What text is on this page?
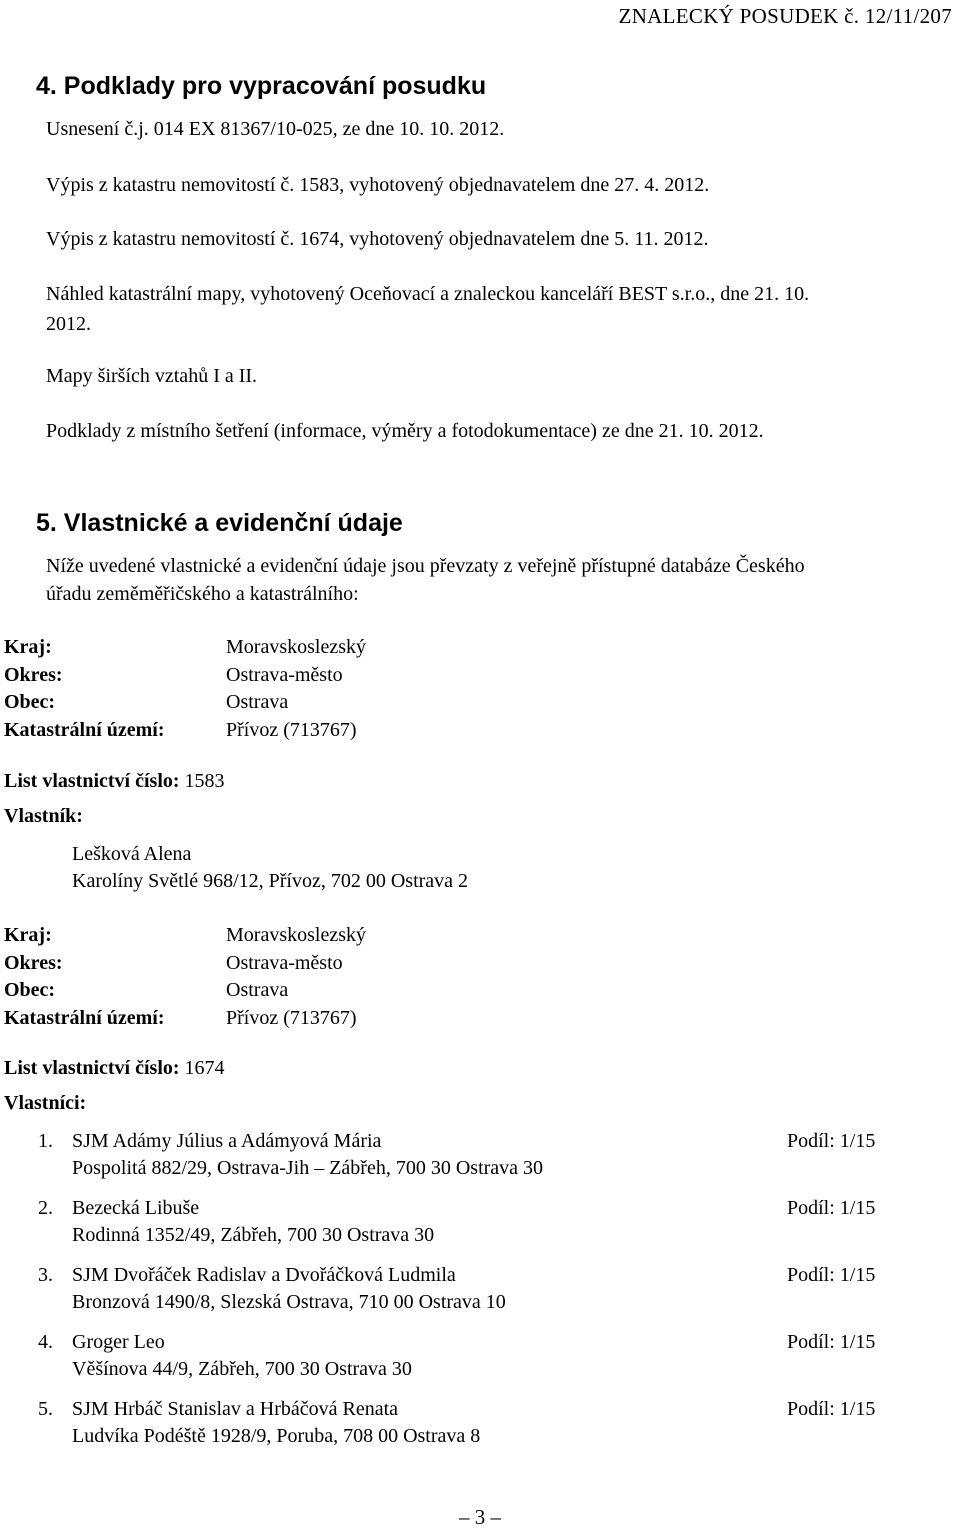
ZNALECKÝ POSUDEK č. 12/11/207
4. Podklady pro vypracování posudku
Usnesení č.j. 014 EX 81367/10-025, ze dne 10. 10. 2012.
Výpis z katastru nemovitostí č. 1583, vyhotovený objednavatelem dne 27. 4. 2012.
Výpis z katastru nemovitostí č. 1674, vyhotovený objednavatelem dne 5. 11. 2012.
Náhled katastrální mapy, vyhotovený Oceňovací a znaleckou kanceláří BEST s.r.o., dne 21. 10.
2012.
Mapy širších vztahů I a II.
Podklady z místního šetření (informace, výměry a fotodokumentace) ze dne 21. 10. 2012.
5. Vlastnické a evidenční údaje
Níže uvedené vlastnické a evidenční údaje jsou převzaty z veřejně přístupné databáze Českého
úřadu zeměměřičského a katastrálního:
Kraj:	Moravskoslezský
Okres:	Ostrava-město
Obec:	Ostrava
Katastrální území:	Přívoz (713767)
List vlastnictví číslo: 1583
Vlastník:
Lešková Alena
Karolíny Světlé 968/12, Přívoz, 702 00 Ostrava 2
Kraj:	Moravskoslezský
Okres:	Ostrava-město
Obec:	Ostrava
Katastrální území:	Přívoz (713767)
List vlastnictví číslo: 1674
Vlastníci:
1. SJM Adámy Július a Adámyová Mária	Podíl: 1/15
Pospolitá 882/29, Ostrava-Jih – Zábřeh, 700 30 Ostrava 30
2. Bezecká Libuše	Podíl: 1/15
Rodinná 1352/49, Zábřeh, 700 30 Ostrava 30
3. SJM Dvořáček Radislav a Dvořáčková Ludmila	Podíl: 1/15
Bronzová 1490/8, Slezská Ostrava, 710 00 Ostrava 10
4. Groger Leo	Podíl: 1/15
Věšínova 44/9, Zábřeh, 700 30 Ostrava 30
5. SJM Hrbáč Stanislav a Hrbáčová Renata	Podíl: 1/15
Ludvíka Podéště 1928/9, Poruba, 708 00 Ostrava 8
– 3 –
